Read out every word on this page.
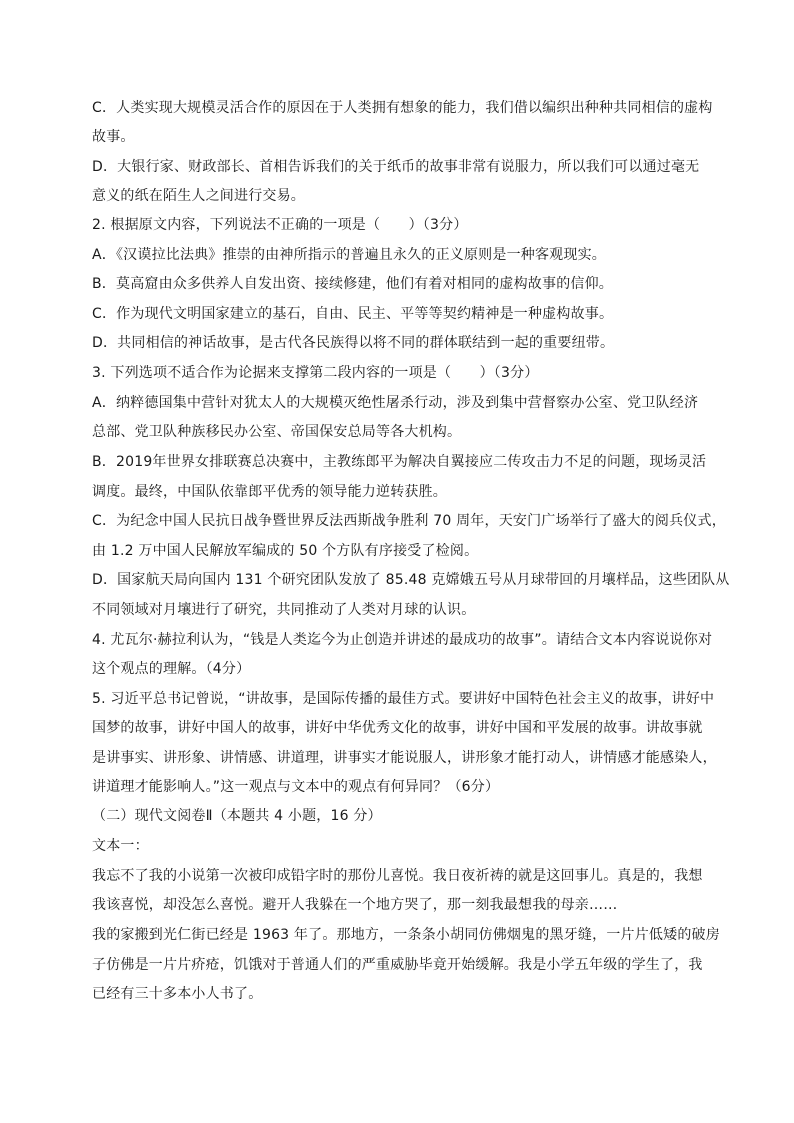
C．人类实现大规模灵活合作的原因在于人类拥有想象的能力，我们借以编织出种种共同相信的虚构
故事。
D．大银行家、财政部长、首相告诉我们的关于纸币的故事非常有说服力，所以我们可以通过毫无
意义的纸在陌生人之间进行交易。
2. 根据原文内容，下列说法不正确的一项是（　　）（3分）
A．《汉谟拉比法典》推崇的由神所指示的普遍且永久的正义原则是一种客观现实。
B．莫高窟由众多供养人自发出资、接续修建，他们有着对相同的虚构故事的信仰。
C．作为现代文明国家建立的基石，自由、民主、平等等契约精神是一种虚构故事。
D．共同相信的神话故事，是古代各民族得以将不同的群体联结到一起的重要纽带。
3. 下列选项不适合作为论据来支撑第二段内容的一项是（　　）（3分）
A．纳粹德国集中营针对犹太人的大规模灭绝性屠杀行动，涉及到集中营督察办公室、党卫队经济
总部、党卫队种族移民办公室、帝国保安总局等各大机构。
B．2019年世界女排联赛总决赛中，主教练郎平为解决自翼接应二传攻击力不足的问题，现场灵活
调度。最终，中国队依靠郎平优秀的领导能力逆转获胜。
C．为纪念中国人民抗日战争暨世界反法西斯战争胜利 70 周年，天安门广场举行了盛大的阅兵仪式，
由 1.2 万中国人民解放军编成的 50 个方队有序接受了检阅。
D．国家航天局向国内 131 个研究团队发放了 85.48 克嫦娥五号从月球带回的月壤样品，这些团队从
不同领域对月壤进行了研究，共同推动了人类对月球的认识。
4. 尤瓦尔·赫拉利认为，“钱是人类迄今为止创造并讲述的最成功的故事”。请结合文本内容说说你对
这个观点的理解。（4分）
5. 习近平总书记曾说，“讲故事，是国际传播的最佳方式。要讲好中国特色社会主义的故事，讲好中
国梦的故事，讲好中国人的故事，讲好中华优秀文化的故事，讲好中国和平发展的故事。讲故事就
是讲事实、讲形象、讲情感、讲道理，讲事实才能说服人，讲形象才能打动人，讲情感才能感染人，
讲道理才能影响人。”这一观点与文本中的观点有何异同？（6分）
（二）现代文阅卷Ⅱ（本题共 4 小题，16 分）
文本一：
我忘不了我的小说第一次被印成铅字时的那份儿喜悦。我日夜祈祷的就是这回事儿。真是的，我想
我该喜悦，却没怎么喜悦。避开人我躲在一个地方哭了，那一刻我最想我的母亲……
我的家搬到光仁街已经是 1963 年了。那地方，一条条小胡同仿佛烟鬼的黑牙缝，一片片低矮的破房
子仿佛是一片片疥疮，饥饿对于普通人们的严重威胁毕竟开始缓解。我是小学五年级的学生了，我
已经有三十多本小人书了。
